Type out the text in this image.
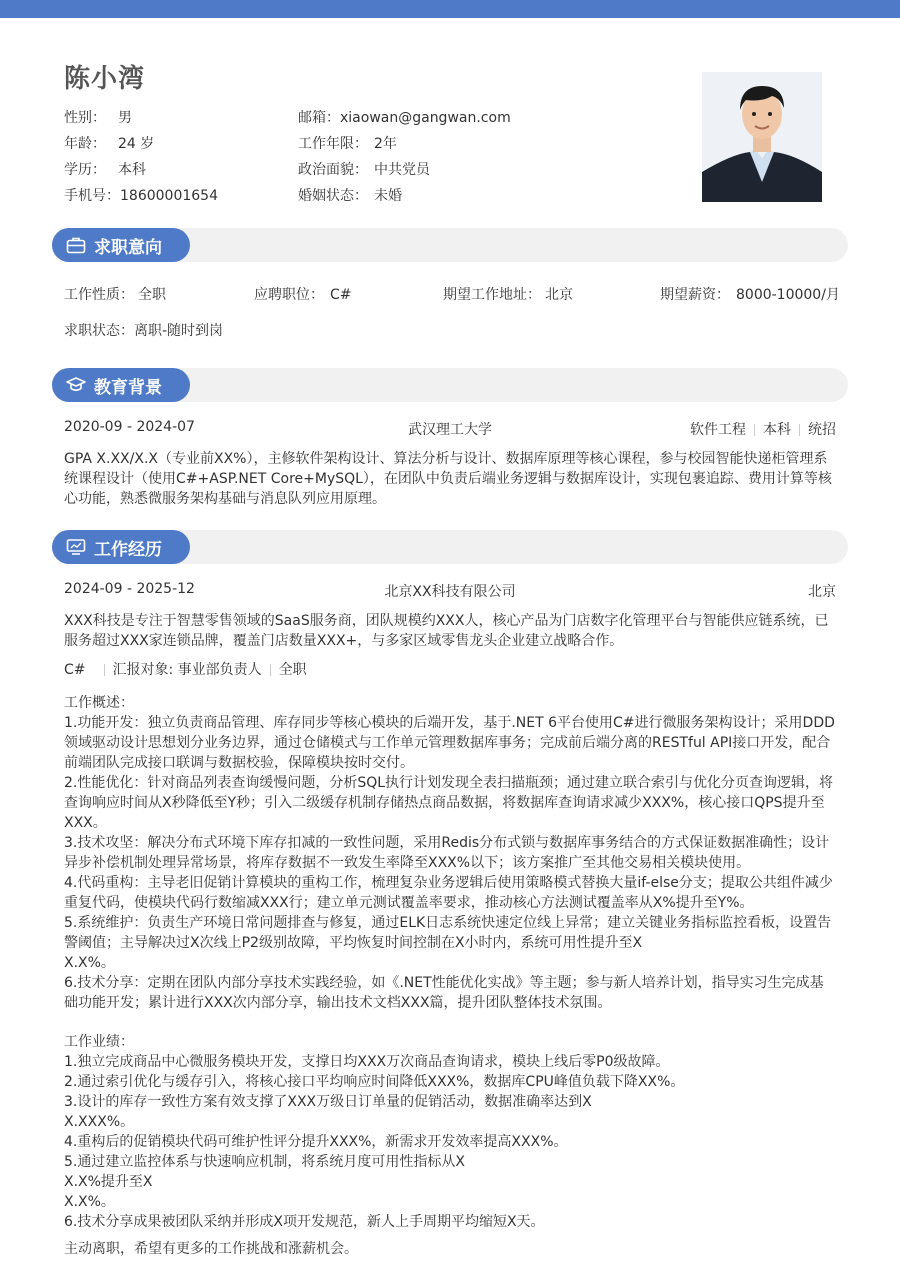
陈小湾
性别： 男
年龄： 24 岁
学历： 本科
手机号：18600001654
邮箱：xiaowan@gangwan.com
工作年限： 2年
政治面貌： 中共党员
婚姻状态： 未婚
求职意向
工作性质： 全职	应聘职位： C#	期望工作地址： 北京	期望薪资： 8000-10000/月
求职状态：离职-随时到岗
教育背景
2020-09 - 2024-07	武汉理工大学	软件工程 本科 统招
GPA X.XX/X.X（专业前XX%），主修软件架构设计、算法分析与设计、数据库原理等核心课程，参与校园智能快递柜管理系统课程设计（使用C#+ASP.NET Core+MySQL），在团队中负责后端业务逻辑与数据库设计，实现包裹追踪、费用计算等核心功能，熟悉微服务架构基础与消息队列应用原理。
工作经历
2024-09 - 2025-12	北京XX科技有限公司	北京
XXX科技是专注于智慧零售领域的SaaS服务商，团队规模约XXX人，核心产品为门店数字化管理平台与智能供应链系统，已服务超过XXX家连锁品牌，覆盖门店数量XXX+，与多家区域零售龙头企业建立战略合作。
C# 汇报对象: 事业部负责人 全职
工作概述：
1.功能开发：独立负责商品管理、库存同步等核心模块的后端开发，基于.NET 6平台使用C#进行微服务架构设计；采用DDD领域驱动设计思想划分业务边界，通过仓储模式与工作单元管理数据库事务；完成前后端分离的RESTful API接口开发，配合前端团队完成接口联调与数据校验，保障模块按时交付。
2.性能优化：针对商品列表查询缓慢问题，分析SQL执行计划发现全表扫描瓶颈；通过建立联合索引与优化分页查询逻辑，将查询响应时间从X秒降低至Y秒；引入二级缓存机制存储热点商品数据，将数据库查询请求减少XXX%，核心接口QPS提升至XXX。
3.技术攻坚：解决分布式环境下库存扣减的一致性问题，采用Redis分布式锁与数据库事务结合的方式保证数据准确性；设计异步补偿机制处理异常场景，将库存数据不一致发生率降至XXX%以下；该方案推广至其他交易相关模块使用。
4.代码重构：主导老旧促销计算模块的重构工作，梳理复杂业务逻辑后使用策略模式替换大量if-else分支；提取公共组件减少重复代码，使模块代码行数缩减XXX行；建立单元测试覆盖率要求，推动核心方法测试覆盖率从X%提升至Y%。
5.系统维护：负责生产环境日常问题排查与修复，通过ELK日志系统快速定位线上异常；建立关键业务指标监控看板，设置告警阈值；主导解决过X次线上P2级别故障，平均恢复时间控制在X小时内，系统可用性提升至X
X.X%。
6.技术分享：定期在团队内部分享技术实践经验，如《.NET性能优化实战》等主题；参与新人培养计划，指导实习生完成基础功能开发；累计进行XXX次内部分享，输出技术文档XXX篇，提升团队整体技术氛围。
工作业绩：
1.独立完成商品中心微服务模块开发，支撑日均XXX万次商品查询请求，模块上线后零P0级故障。
2.通过索引优化与缓存引入，将核心接口平均响应时间降低XXX%，数据库CPU峰值负载下降XX%。
3.设计的库存一致性方案有效支撑了XXX万级日订单量的促销活动，数据准确率达到X
X.XXX%。
4.重构后的促销模块代码可维护性评分提升XXX%，新需求开发效率提高XXX%。
5.通过建立监控体系与快速响应机制，将系统月度可用性指标从X
X.X%提升至X
X.X%。
6.技术分享成果被团队采纳并形成X项开发规范，新人上手周期平均缩短X天。
主动离职，希望有更多的工作挑战和涨薪机会。
